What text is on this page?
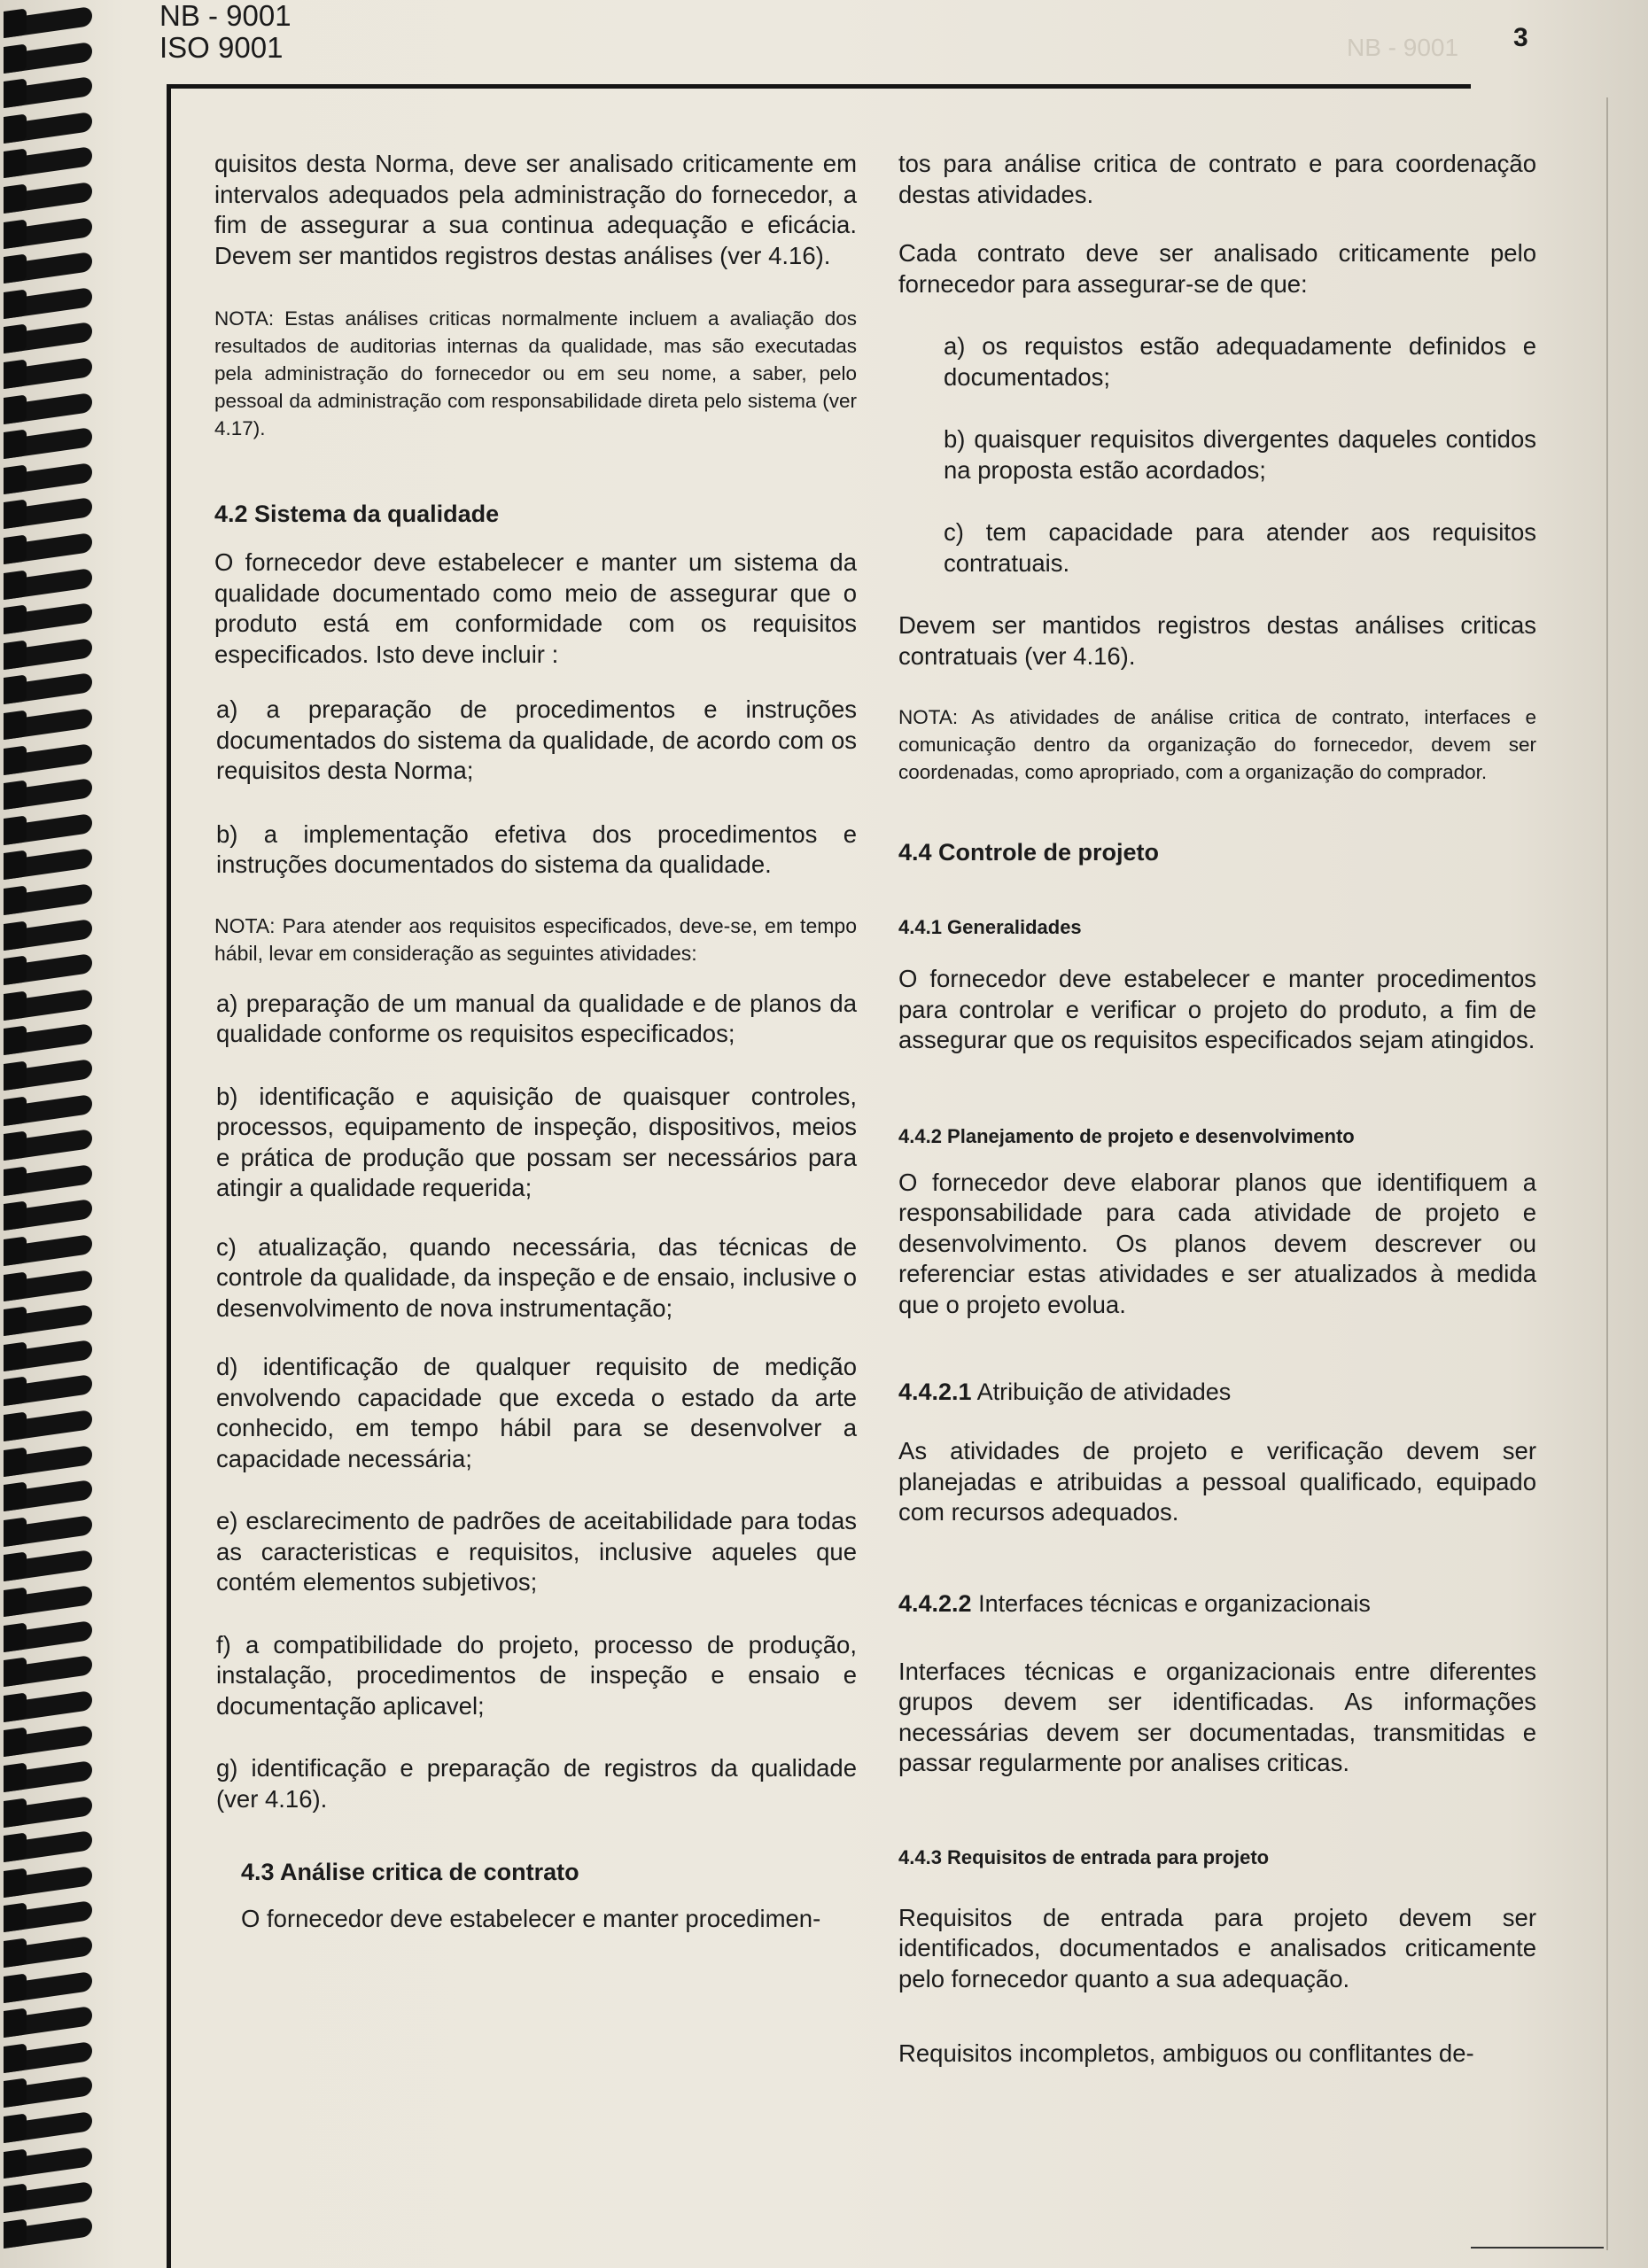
NB - 9001
NB - 9001
ISO 9001	3

quisitos desta Norma, deve ser analisado criticamente em intervalos adequados pela administração do fornecedor, a fim de assegurar a sua continua adequação e eficácia. Devem ser mantidos registros destas análises (ver 4.16).

NOTA: Estas análises criticas normalmente incluem a avaliação dos resultados de auditorias internas da qualidade, mas são executadas pela administração do fornecedor ou em seu nome, a saber, pelo pessoal da administração com responsabilidade direta pelo sistema (ver 4.17).

4.2 Sistema da qualidade

O fornecedor deve estabelecer e manter um sistema da qualidade documentado como meio de assegurar que o produto está em conformidade com os requisitos especificados. Isto deve incluir :

a) a preparação de procedimentos e instruções documentados do sistema da qualidade, de acordo com os requisitos desta Norma;

b) a implementação efetiva dos procedimentos e instruções documentados do sistema da qualidade.

NOTA: Para atender aos requisitos especificados, deve-se, em tempo hábil, levar em consideração as seguintes atividades:

a) preparação de um manual da qualidade e de planos da qualidade conforme os requisitos especificados;

b) identificação e aquisição de quaisquer controles, processos, equipamento de inspeção, dispositivos, meios e prática de produção que possam ser necessários para atingir a qualidade requerida;

c) atualização, quando necessária, das técnicas de controle da qualidade, da inspeção e de ensaio, inclusive o desenvolvimento de nova instrumentação;

d) identificação de qualquer requisito de medição envolvendo capacidade que exceda o estado da arte conhecido, em tempo hábil para se desenvolver a capacidade necessária;

e) esclarecimento de padrões de aceitabilidade para todas as caracteristicas e requisitos, inclusive aqueles que contém elementos subjetivos;

f) a compatibilidade do projeto, processo de produção, instalação, procedimentos de inspeção e ensaio e documentação aplicavel;

g) identificação e preparação de registros da qualidade (ver 4.16).

4.3 Análise critica de contrato

O fornecedor deve estabelecer e manter procedimen-

tos para análise critica de contrato e para coordenação destas atividades.

Cada contrato deve ser analisado criticamente pelo fornecedor para assegurar-se de que:

a) os requistos estão adequadamente definidos e documentados;

b) quaisquer requisitos divergentes daqueles contidos na proposta estão acordados;

c) tem capacidade para atender aos requisitos contratuais.

Devem ser mantidos registros destas análises criticas contratuais (ver 4.16).

NOTA: As atividades de análise critica de contrato, interfaces e comunicação dentro da organização do fornecedor, devem ser coordenadas, como apropriado, com a organização do comprador.

4.4 Controle de projeto

4.4.1 Generalidades

O fornecedor deve estabelecer e manter procedimentos para controlar e verificar o projeto do produto, a fim de assegurar que os requisitos especificados sejam atingidos.

4.4.2 Planejamento de projeto e desenvolvimento

O fornecedor deve elaborar planos que identifiquem a responsabilidade para cada atividade de projeto e desenvolvimento. Os planos devem descrever ou referenciar estas atividades e ser atualizados à medida que o projeto evolua.

4.4.2.1 Atribuição de atividades

As atividades de projeto e verificação devem ser planejadas e atribuidas a pessoal qualificado, equipado com recursos adequados.

4.4.2.2 Interfaces técnicas e organizacionais

Interfaces técnicas e organizacionais entre diferentes grupos devem ser identificadas. As informações necessárias devem ser documentadas, transmitidas e passar regularmente por analises criticas.

4.4.3 Requisitos de entrada para projeto

Requisitos de entrada para projeto devem ser identificados, documentados e analisados criticamente pelo fornecedor quanto a sua adequação.

Requisitos incompletos, ambiguos ou conflitantes de-
